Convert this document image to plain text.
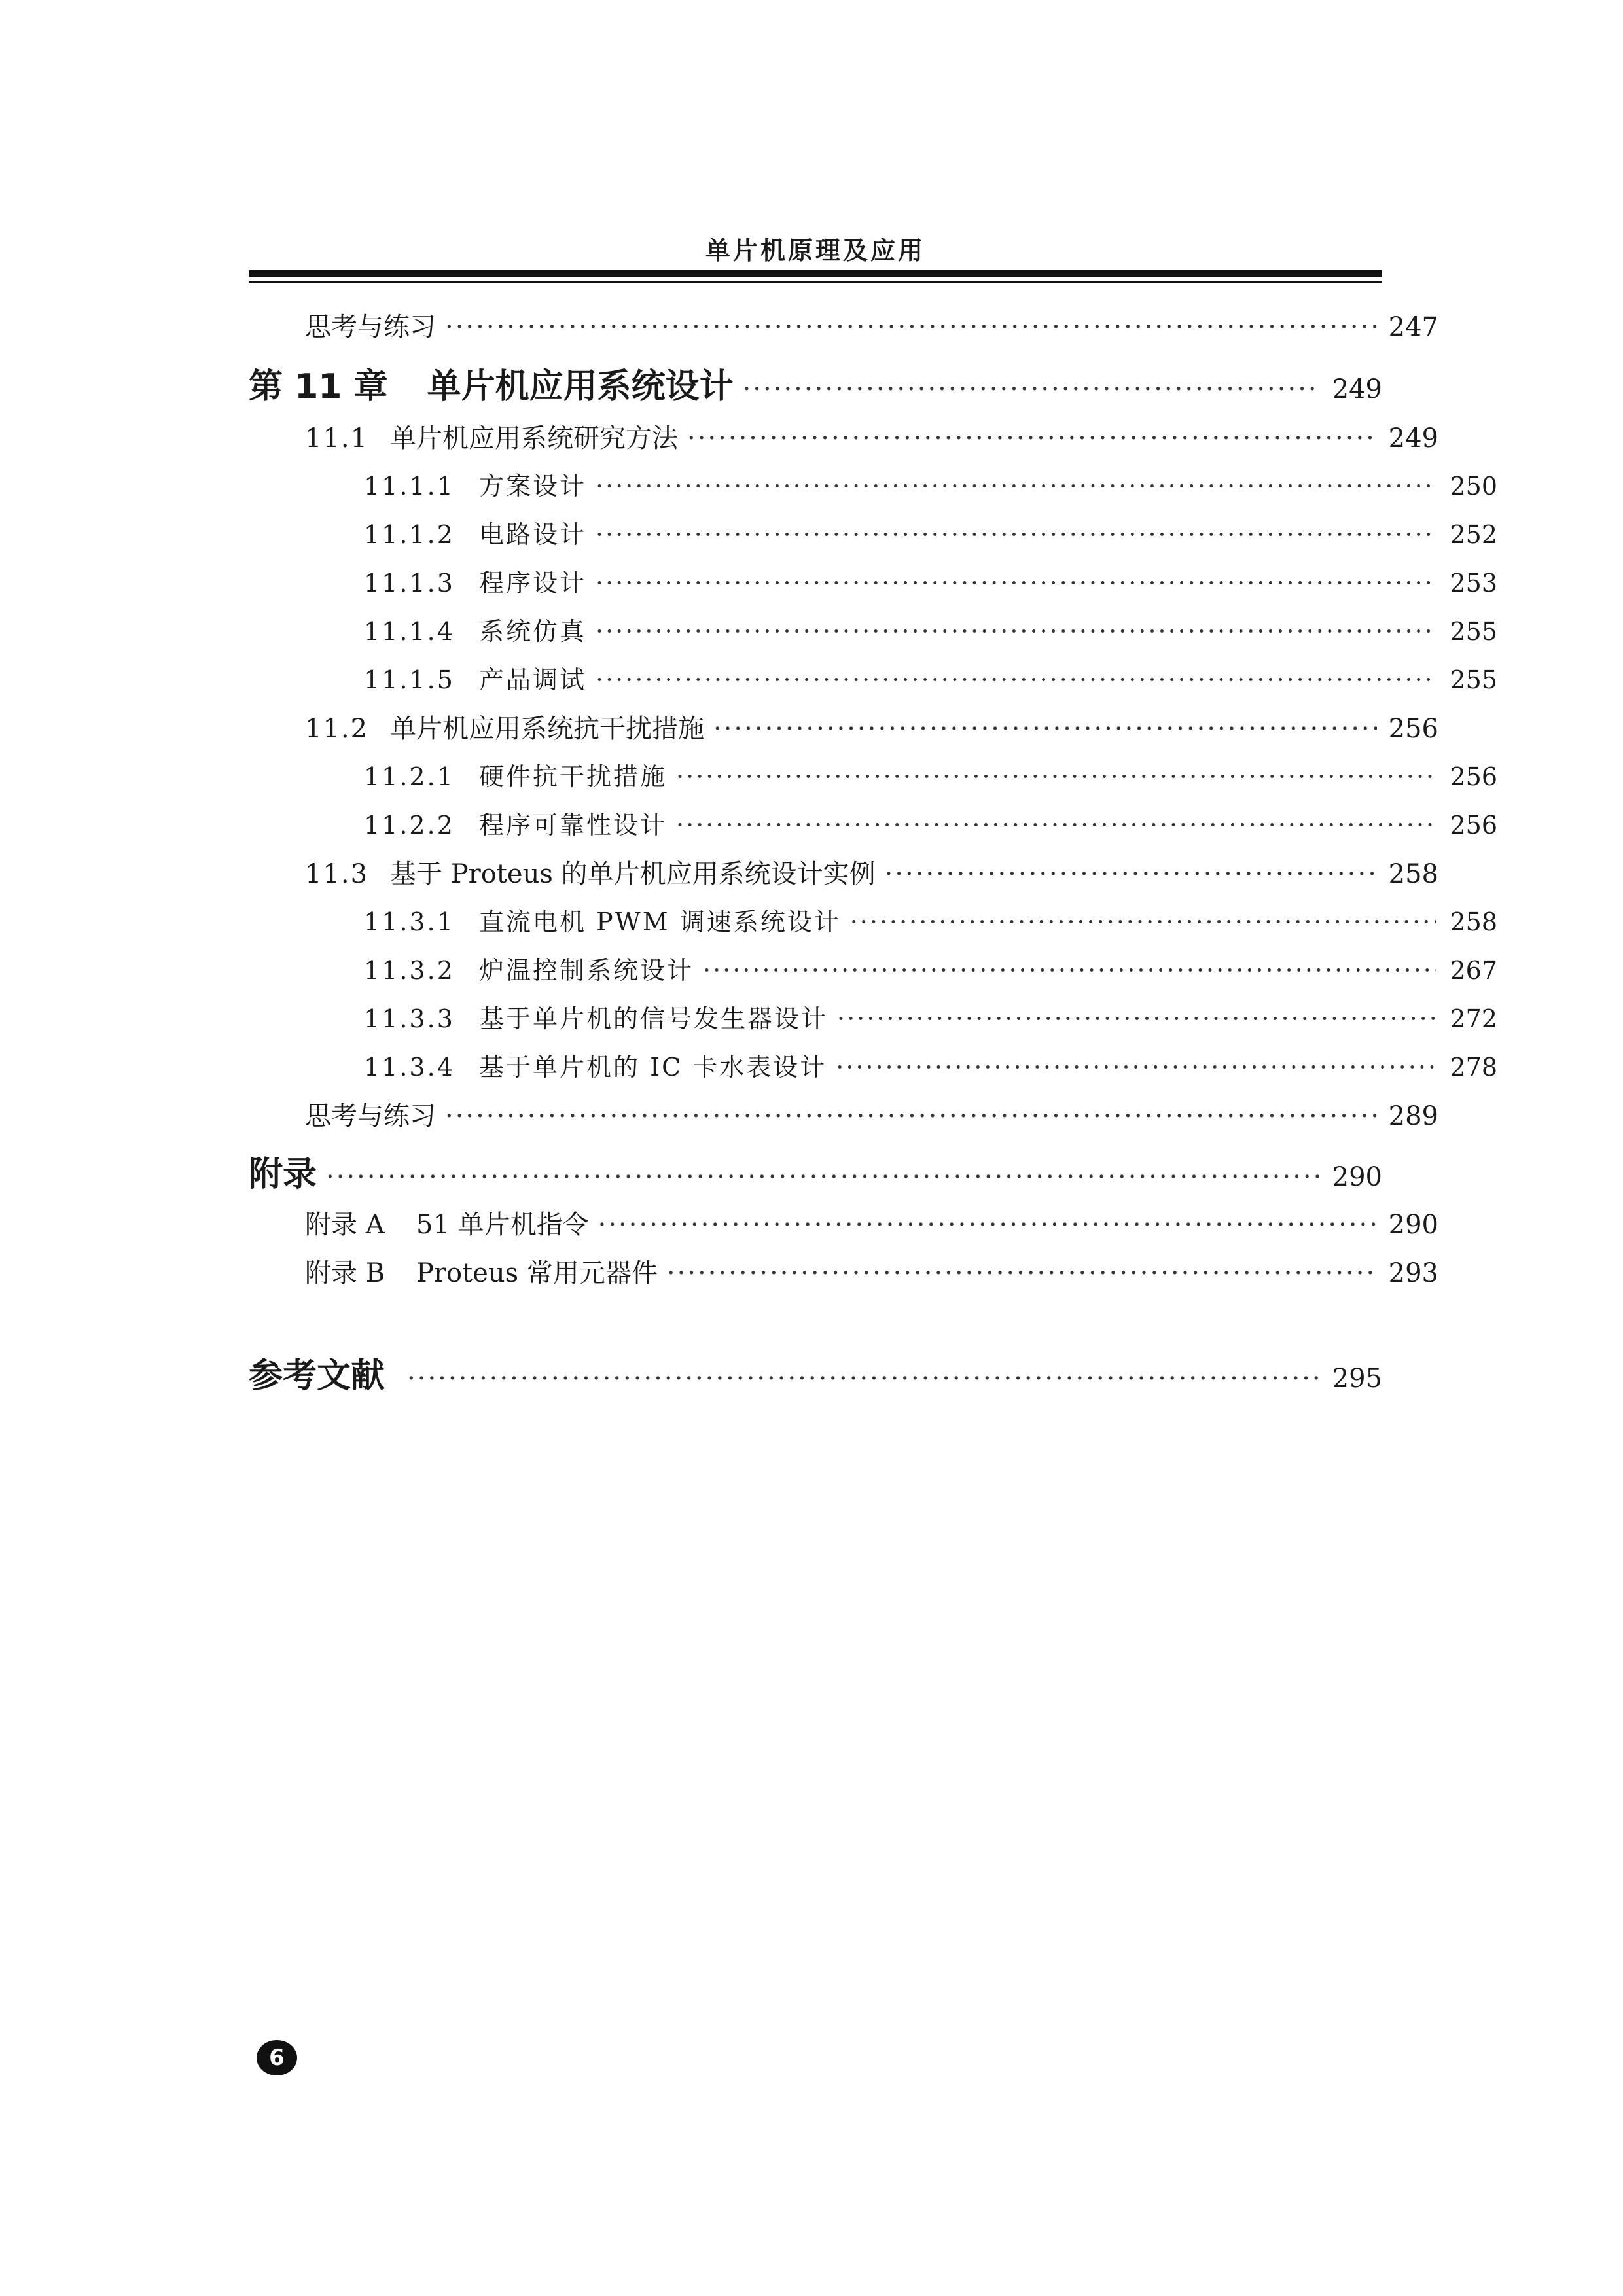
单片机原理及应用
思考与练习 ·····	247
第 11 章 单片机应用系统设计 ·····	249
11.1 单片机应用系统研究方法 ·····	249
11.1.1 方案设计 ·····	250
11.1.2 电路设计 ·····	252
11.1.3 程序设计 ·····	253
11.1.4 系统仿真 ·····	255
11.1.5 产品调试 ·····	255
11.2 单片机应用系统抗干扰措施 ·····	256
11.2.1 硬件抗干扰措施 ·····	256
11.2.2 程序可靠性设计 ·····	256
11.3 基于 Proteus 的单片机应用系统设计实例 ·····	258
11.3.1 直流电机 PWM 调速系统设计 ·····	258
11.3.2 炉温控制系统设计 ·····	267
11.3.3 基于单片机的信号发生器设计 ·····	272
11.3.4 基于单片机的 IC 卡水表设计 ·····	278
思考与练习 ·····	289
附录 ·····	290
附录 A	51 单片机指令 ·····	290
附录 B	Proteus 常用元器件 ·····	293
参考文献 ·····	295
6
